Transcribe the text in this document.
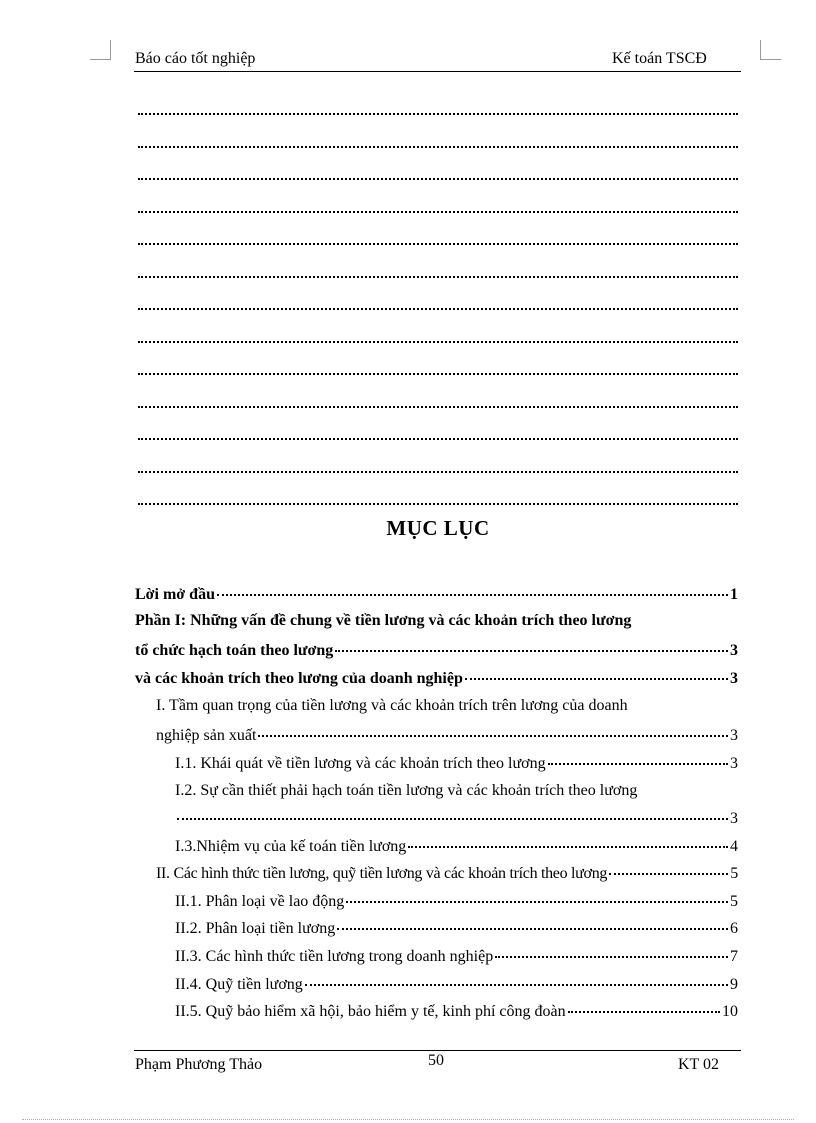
Báo cáo tốt nghiệp	Kế toán TSCĐ
MỤC LỤC
Lời mở đầu	1
Phần I: Những vấn đề chung về tiền lương và các khoản trích theo lương
tổ chức hạch toán theo lương	3
và các khoản trích theo lương của doanh nghiệp	3
I. Tầm quan trọng của tiền lương và các khoản trích trên lương của doanh
nghiệp sản xuất	3
I.1. Khái quát về tiền lương và các khoản trích theo lương	3
I.2. Sự cần thiết phải hạch toán tiền lương và các khoản trích theo lương
3
I.3.Nhiệm vụ của kế toán tiền lương	4
II. Các hình thức tiền lương, quỹ tiền lương và các khoản trích theo lương	5
II.1. Phân loại về lao động	5
II.2. Phân loại tiền lương	6
II.3. Các hình thức tiền lương trong doanh nghiệp	7
II.4. Quỹ tiền lương	9
II.5. Quỹ bảo hiểm xã hội, bảo hiểm y tế, kinh phí công đoàn	10
Phạm Phương Thảo	50	KT 02
